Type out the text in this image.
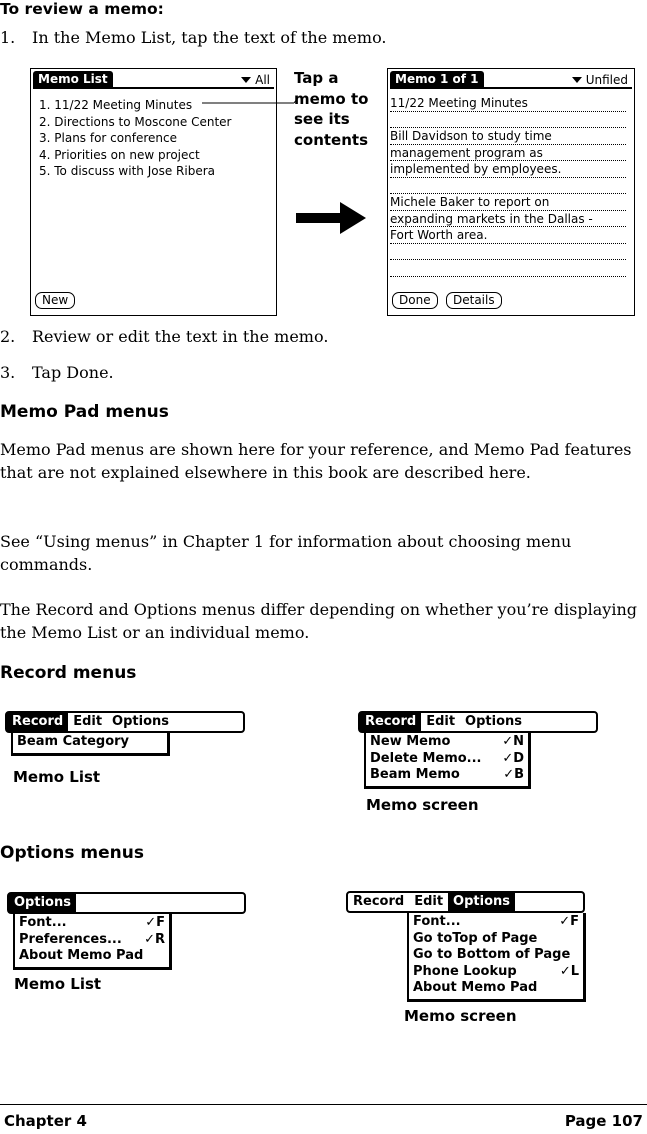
To review a memo:
1. In the Memo List, tap the text of the memo.
Memo List	All
1. 11/22 Meeting Minutes
2. Directions to Moscone Center
3. Plans for conference
4. Priorities on new project
5. To discuss with Jose Ribera
New
Tap a memo to see its contents
Memo 1 of 1	Unfiled
11/22 Meeting Minutes
Bill Davidson to study time
management program as
implemented by employees.
Michele Baker to report on
expanding markets in the Dallas -
Fort Worth area.
Done	Details
2. Review or edit the text in the memo.
3. Tap Done.
Memo Pad menus
Memo Pad menus are shown here for your reference, and Memo Pad features that are not explained elsewhere in this book are described here.
See “Using menus” in Chapter 1 for information about choosing menu commands.
The Record and Options menus differ depending on whether you’re displaying the Memo List or an individual memo.
Record menus
Record Edit Options
Beam Category
Memo List
Record Edit Options
New Memo	✓N
Delete Memo... ✓D
Beam Memo	✓B
Memo screen
Options menus
Options
Font...	✓F
Preferences... ✓R
About Memo Pad
Memo List
Record Edit Options
Font...	✓F
Go toTop of Page
Go to Bottom of Page
Phone Lookup	✓L
About Memo Pad
Memo screen
Chapter 4	Page 107
